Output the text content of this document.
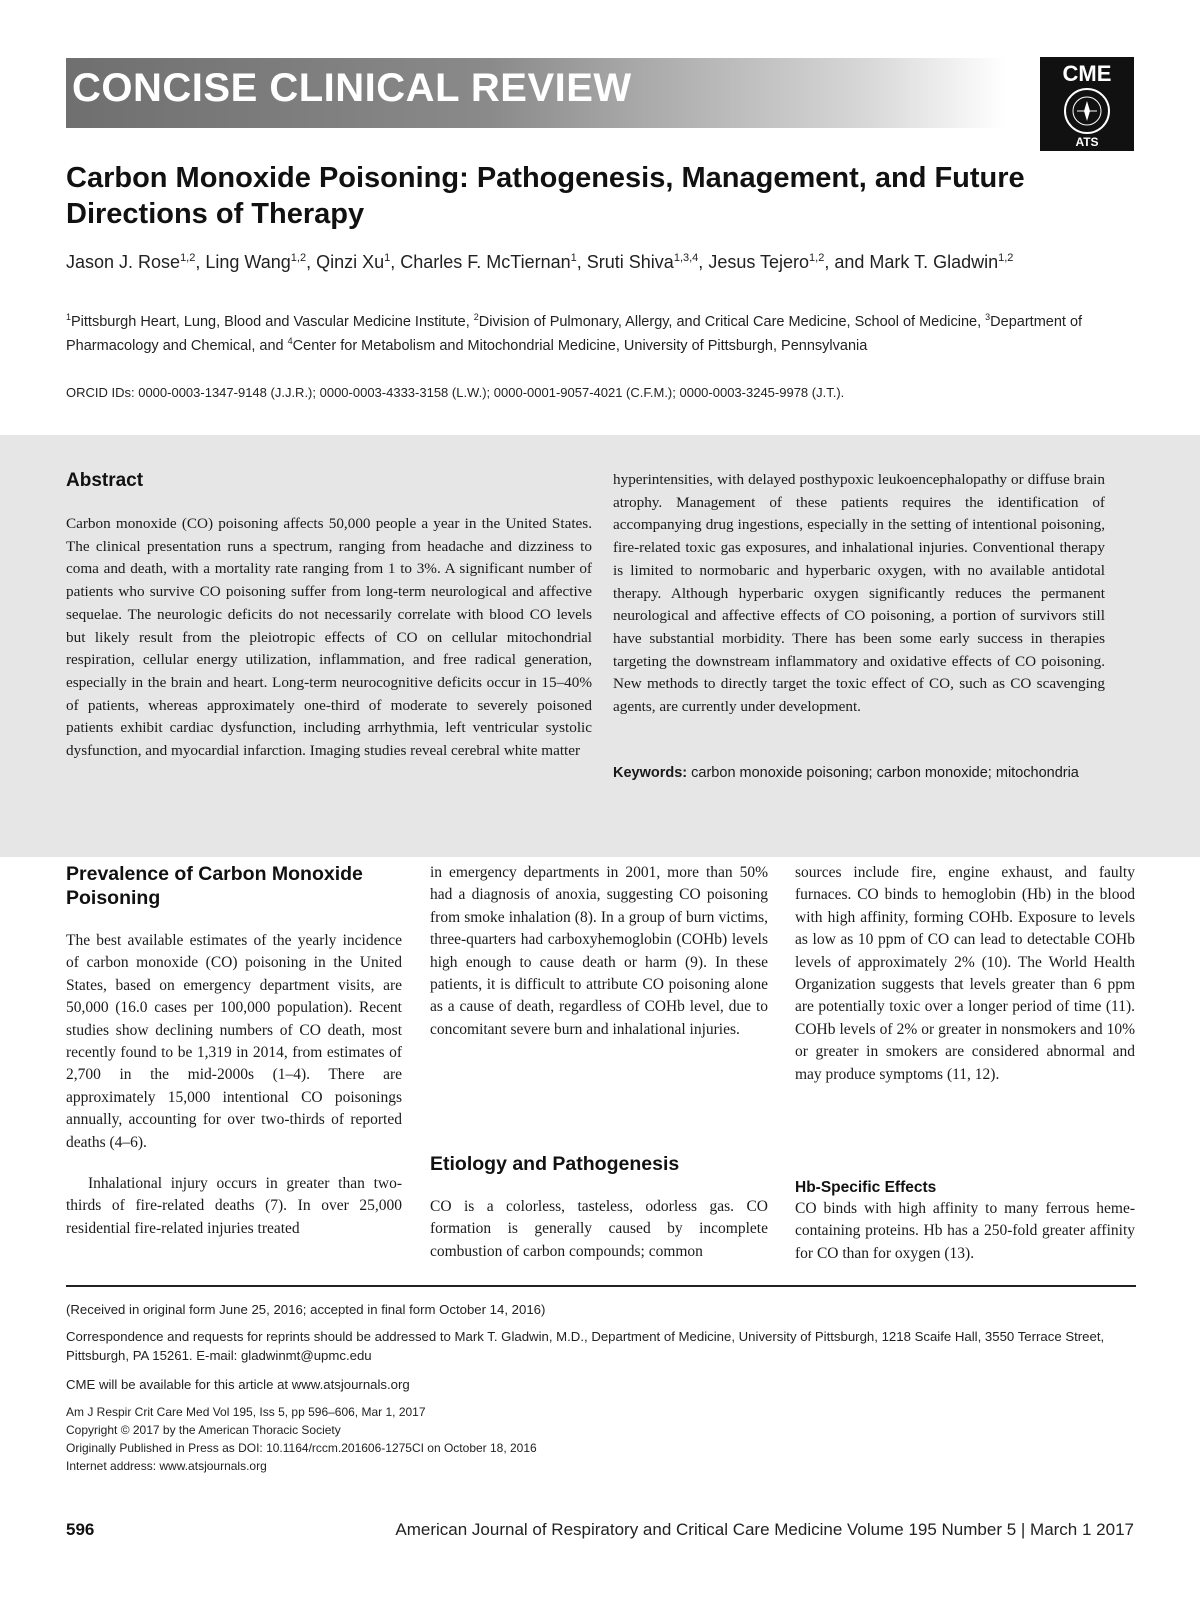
CONCISE CLINICAL REVIEW	CME
ATS
Carbon Monoxide Poisoning: Pathogenesis, Management, and Future Directions of Therapy

Jason J. Rose$^{1,2}$, Ling Wang$^{1,2}$, Qinzi Xu$^1$, Charles F. McTiernan$^1$, Sruti Shiva$^{1,3,4}$, Jesus Tejero$^{1,2}$, and Mark T. Gladwin$^{1,2}$

$^1$Pittsburgh Heart, Lung, Blood and Vascular Medicine Institute, $^2$Division of Pulmonary, Allergy, and Critical Care Medicine, School of Medicine, $^3$Department of Pharmacology and Chemical, and $^4$Center for Metabolism and Mitochondrial Medicine, University of Pittsburgh, Pennsylvania

ORCID IDs: 0000-0003-1347-9148 (J.J.R.); 0000-0003-4333-3158 (L.W.); 0000-0001-9057-4021 (C.F.M.); 0000-0003-3245-9978 (J.T.).

Abstract

Carbon monoxide (CO) poisoning affects 50,000 people a year in the United States. The clinical presentation runs a spectrum, ranging from headache and dizziness to coma and death, with a mortality rate ranging from 1 to 3%. A significant number of patients who survive CO poisoning suffer from long-term neurological and affective sequelae. The neurologic deficits do not necessarily correlate with blood CO levels but likely result from the pleiotropic effects of CO on cellular mitochondrial respiration, cellular energy utilization, inflammation, and free radical generation, especially in the brain and heart. Long-term neurocognitive deficits occur in 15–40% of patients, whereas approximately one-third of moderate to severely poisoned patients exhibit cardiac dysfunction, including arrhythmia, left ventricular systolic dysfunction, and myocardial infarction. Imaging studies reveal cerebral white matter

hyperintensities, with delayed posthypoxic leukoencephalopathy or diffuse brain atrophy. Management of these patients requires the identification of accompanying drug ingestions, especially in the setting of intentional poisoning, fire-related toxic gas exposures, and inhalational injuries. Conventional therapy is limited to normobaric and hyperbaric oxygen, with no available antidotal therapy. Although hyperbaric oxygen significantly reduces the permanent neurological and affective effects of CO poisoning, a portion of survivors still have substantial morbidity. There has been some early success in therapies targeting the downstream inflammatory and oxidative effects of CO poisoning. New methods to directly target the toxic effect of CO, such as CO scavenging agents, are currently under development.

Keywords: carbon monoxide poisoning; carbon monoxide; mitochondria

Prevalence of Carbon Monoxide Poisoning

The best available estimates of the yearly incidence of carbon monoxide (CO) poisoning in the United States, based on emergency department visits, are 50,000 (16.0 cases per 100,000 population). Recent studies show declining numbers of CO death, most recently found to be 1,319 in 2014, from estimates of 2,700 in the mid-2000s (1–4). There are approximately 15,000 intentional CO poisonings annually, accounting for over two-thirds of reported deaths (4–6).

Inhalational injury occurs in greater than two-thirds of fire-related deaths (7). In over 25,000 residential fire-related injuries treated

in emergency departments in 2001, more than 50% had a diagnosis of anoxia, suggesting CO poisoning from smoke inhalation (8). In a group of burn victims, three-quarters had carboxyhemoglobin (COHb) levels high enough to cause death or harm (9). In these patients, it is difficult to attribute CO poisoning alone as a cause of death, regardless of COHb level, due to concomitant severe burn and inhalational injuries.

Etiology and Pathogenesis

CO is a colorless, tasteless, odorless gas. CO formation is generally caused by incomplete combustion of carbon compounds; common

sources include fire, engine exhaust, and faulty furnaces. CO binds to hemoglobin (Hb) in the blood with high affinity, forming COHb. Exposure to levels as low as 10 ppm of CO can lead to detectable COHb levels of approximately 2% (10). The World Health Organization suggests that levels greater than 6 ppm are potentially toxic over a longer period of time (11). COHb levels of 2% or greater in nonsmokers and 10% or greater in smokers are considered abnormal and may produce symptoms (11, 12).

Hb-Specific Effects

CO binds with high affinity to many ferrous heme-containing proteins. Hb has a 250-fold greater affinity for CO than for oxygen (13).

(Received in original form June 25, 2016; accepted in final form October 14, 2016)

Correspondence and requests for reprints should be addressed to Mark T. Gladwin, M.D., Department of Medicine, University of Pittsburgh, 1218 Scaife Hall, 3550 Terrace Street, Pittsburgh, PA 15261. E-mail: gladwinmt@upmc.edu

CME will be available for this article at www.atsjournals.org

Am J Respir Crit Care Med Vol 195, Iss 5, pp 596–606, Mar 1, 2017

Copyright © 2017 by the American Thoracic Society

Originally Published in Press as DOI: 10.1164/rccm.201606-1275CI on October 18, 2016

Internet address: www.atsjournals.org

596	American Journal of Respiratory and Critical Care Medicine Volume 195 Number 5 | March 1 2017
